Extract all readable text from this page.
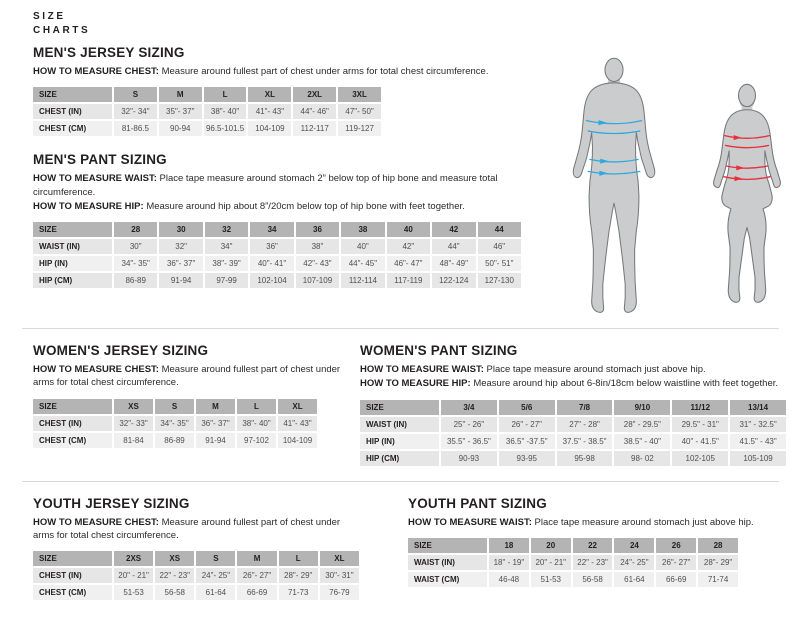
SIZE
CHARTS
MEN'S JERSEY SIZING

HOW TO MEASURE CHEST: Measure around fullest part of chest under arms for total chest circumference.

SIZE	S	M	L	XL	2XL	3XL
CHEST (IN)	32"- 34"	35"- 37"	38"- 40"	41"- 43"	44"- 46"	47"- 50"
CHEST (CM)	81-86.5	90-94	96.5-101.5	104-109	112-117	119-127
MEN'S PANT SIZING

HOW TO MEASURE WAIST: Place tape measure around stomach 2” below top of hip bone and measure total circumference.

HOW TO MEASURE HIP: Measure around hip about 8”/20cm below top of hip bone with feet together.

SIZE	28	30	32	34	36	38	40	42	44
WAIST (IN)	30"	32"	34"	36"	38"	40"	42"	44"	46"
HIP (IN)	34"- 35"	36"- 37"	38"- 39"	40"- 41"	42"- 43"	44"- 45"	46"- 47"	48"- 49"	50"- 51"
HIP (CM)	86-89	91-94	97-99	102-104	107-109	112-114	117-119	122-124	127-130
WOMEN'S JERSEY SIZING

HOW TO MEASURE CHEST: Measure around fullest part of chest under arms for total chest circumference.

SIZE	XS	S	M	L	XL
CHEST (IN)	32"- 33"	34"- 35"	36"- 37"	38"- 40"	41"- 43"
CHEST (CM)	81-84	86-89	91-94	97-102	104-109
WOMEN'S PANT SIZING

HOW TO MEASURE WAIST: Place tape measure around stomach just above hip.

HOW TO MEASURE HIP: Measure around hip about 6-8in/18cm below waistline with feet together.

SIZE	3/4	5/6	7/8	9/10	11/12	13/14
WAIST (IN)	25" - 26"	26" - 27"	27" - 28"	28" - 29.5"	29.5" - 31"	31" - 32.5"
HIP (IN)	35.5" - 36.5"	36.5" -37.5"	37.5" - 38.5"	38.5" - 40"	40" - 41.5"	41.5" - 43"
HIP (CM)	90-93	93-95	95-98	98- 02	102-105	105-109
YOUTH JERSEY SIZING

HOW TO MEASURE CHEST: Measure around fullest part of chest under arms for total chest circumference.

SIZE	2XS	XS	S	M	L	XL
CHEST (IN)	20" - 21"	22" - 23"	24"- 25"	26"- 27"	28"- 29"	30"- 31"
CHEST (CM)	51-53	56-58	61-64	66-69	71-73	76-79
YOUTH PANT SIZING

HOW TO MEASURE WAIST: Place tape measure around stomach just above hip.

SIZE	18	20	22	24	26	28
WAIST (IN)	18" - 19"	20" - 21"	22" - 23"	24"- 25"	26"- 27"	28"- 29"
WAIST (CM)	46-48	51-53	56-58	61-64	66-69	71-74
